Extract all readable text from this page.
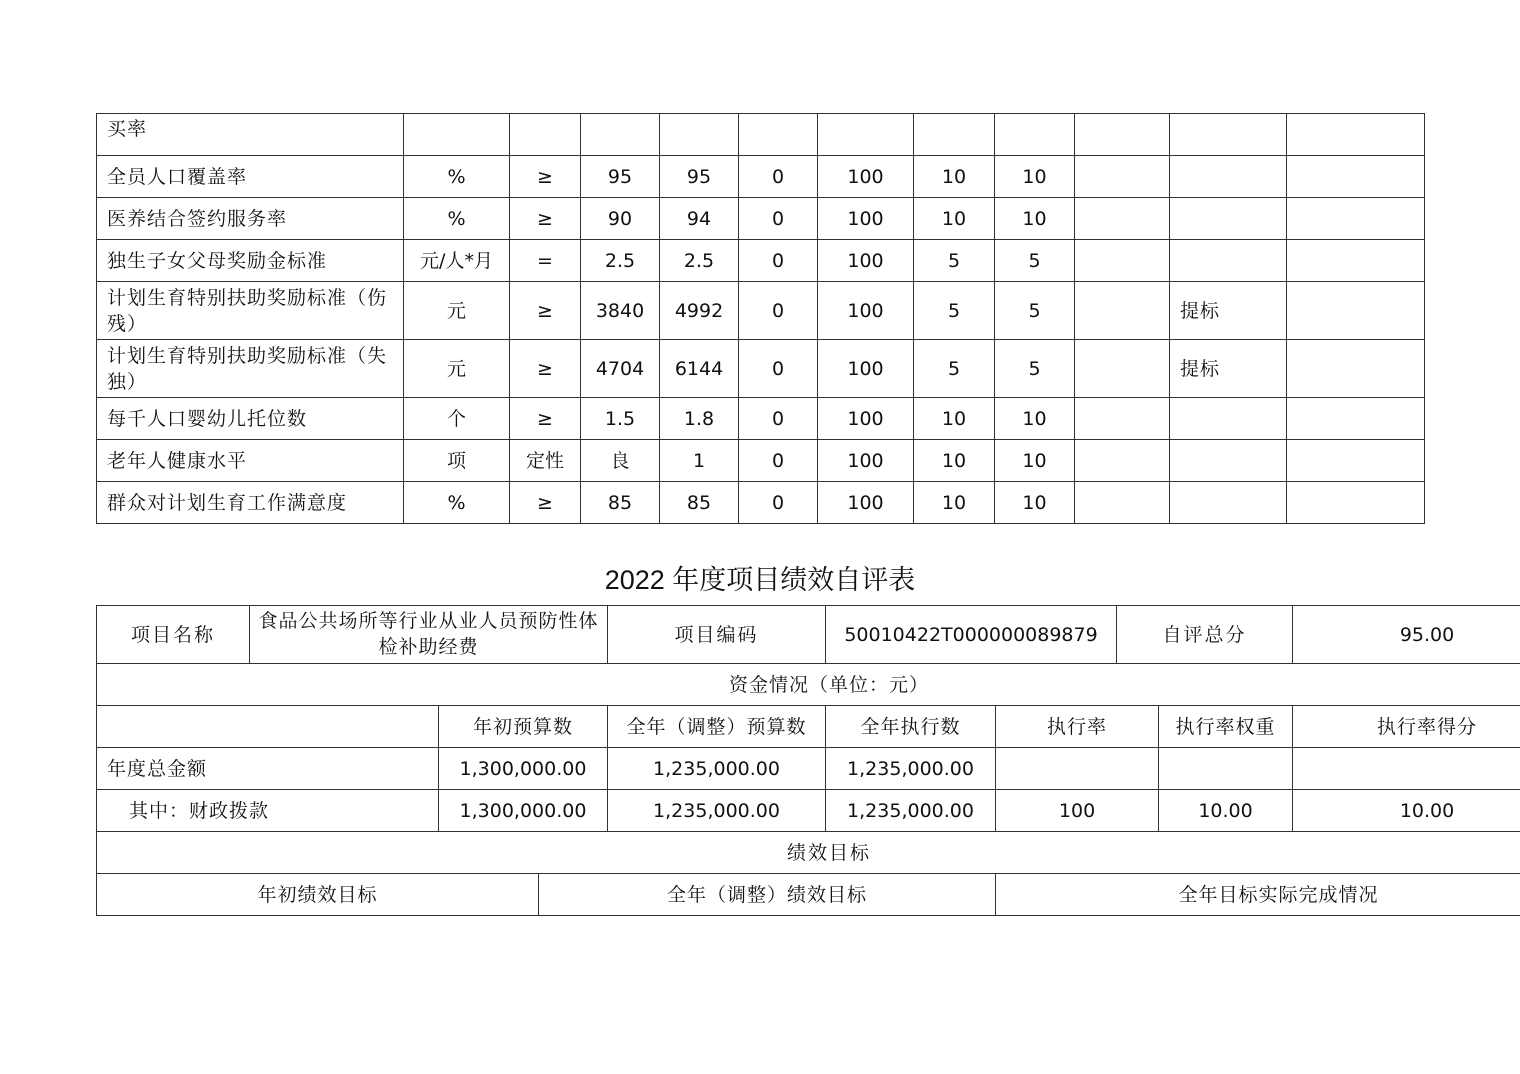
买率											
全员人口覆盖率	%	≥	95	95	0	100	10	10			
医养结合签约服务率	%	≥	90	94	0	100	10	10			
独生子女父母奖励金标准	元/人*月	=	2.5	2.5	0	100	5	5			
计划生育特别扶助奖励标准（伤残）	元	≥	3840	4992	0	100	5	5		提标	
计划生育特别扶助奖励标准（失独）	元	≥	4704	6144	0	100	5	5		提标	
每千人口婴幼儿托位数	个	≥	1.5	1.8	0	100	10	10			
老年人健康水平	项	定性	良	1	0	100	10	10			
群众对计划生育工作满意度	%	≥	85	85	0	100	10	10			
2022 年度项目绩效自评表
项目名称	食品公共场所等行业从业人员预防性体检补助经费			项目编码	50010422T000000089879		自评总分		95.00
资金情况（单位：元）									
		年初预算数		全年（调整）预算数	全年执行数	执行率		执行率权重	执行率得分
年度总金额		1,300,000.00		1,235,000.00	1,235,000.00				
其中：财政拨款		1,300,000.00		1,235,000.00	1,235,000.00	100		10.00	10.00
绩效目标									
年初绩效目标			全年（调整）绩效目标			全年目标实际完成情况			
